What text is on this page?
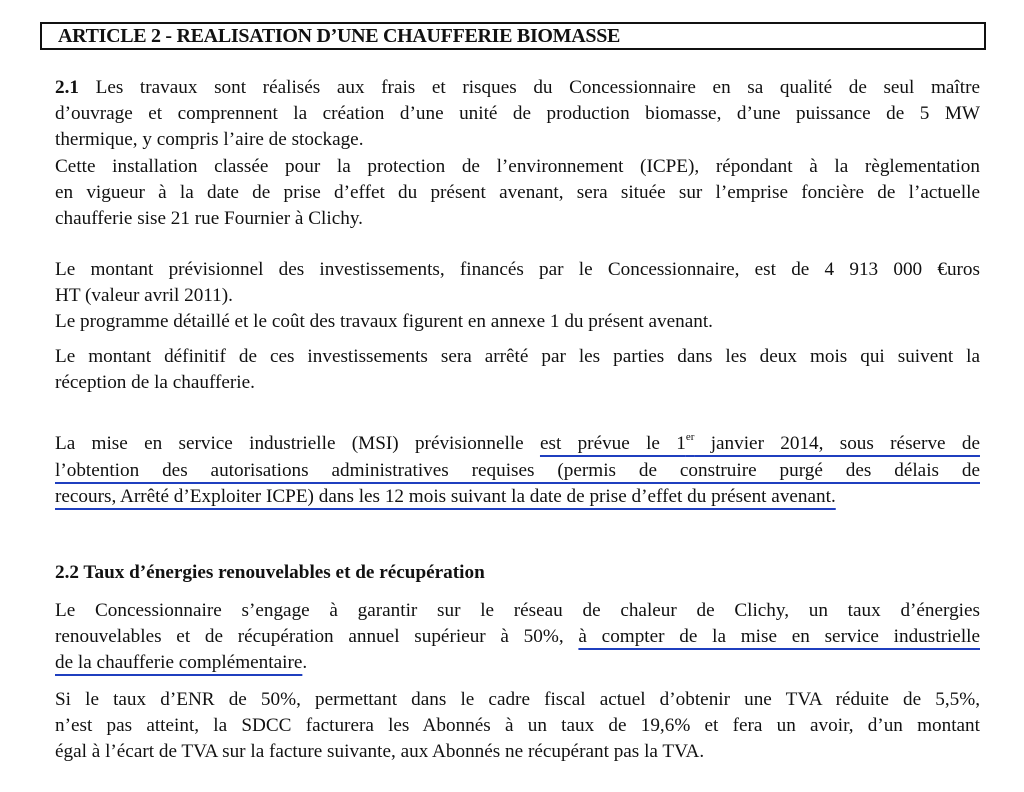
ARTICLE 2 - REALISATION D’UNE CHAUFFERIE BIOMASSE
2.1 Les travaux sont réalisés aux frais et risques du Concessionnaire en sa qualité de seul maître
d’ouvrage et comprennent la création d’une unité de production biomasse, d’une puissance de 5 MW
thermique, y compris l’aire de stockage.
Cette installation classée pour la protection de l’environnement (ICPE), répondant à la règlementation
en vigueur à la date de prise d’effet du présent avenant, sera située sur l’emprise foncière de l’actuelle
chaufferie sise 21 rue Fournier à Clichy.
Le montant prévisionnel des investissements, financés par le Concessionnaire, est de 4 913 000 €uros
HT (valeur avril 2011).
Le programme détaillé et le coût des travaux figurent en annexe 1 du présent avenant.
Le montant définitif de ces investissements sera arrêté par les parties dans les deux mois qui suivent la
réception de la chaufferie.
La mise en service industrielle (MSI) prévisionnelle est prévue le 1er janvier 2014, sous réserve de
l’obtention des autorisations administratives requises (permis de construire purgé des délais de
recours, Arrêté d’Exploiter ICPE) dans les 12 mois suivant la date de prise d’effet du présent avenant.
2.2 Taux d’énergies renouvelables et de récupération
Le Concessionnaire s’engage à garantir sur le réseau de chaleur de Clichy, un taux d’énergies
renouvelables et de récupération annuel supérieur à 50%, à compter de la mise en service industrielle
de la chaufferie complémentaire.
Si le taux d’ENR de 50%, permettant dans le cadre fiscal actuel d’obtenir une TVA réduite de 5,5%,
n’est pas atteint, la SDCC facturera les Abonnés à un taux de 19,6% et fera un avoir, d’un montant
égal à l’écart de TVA sur la facture suivante, aux Abonnés ne récupérant pas la TVA.
